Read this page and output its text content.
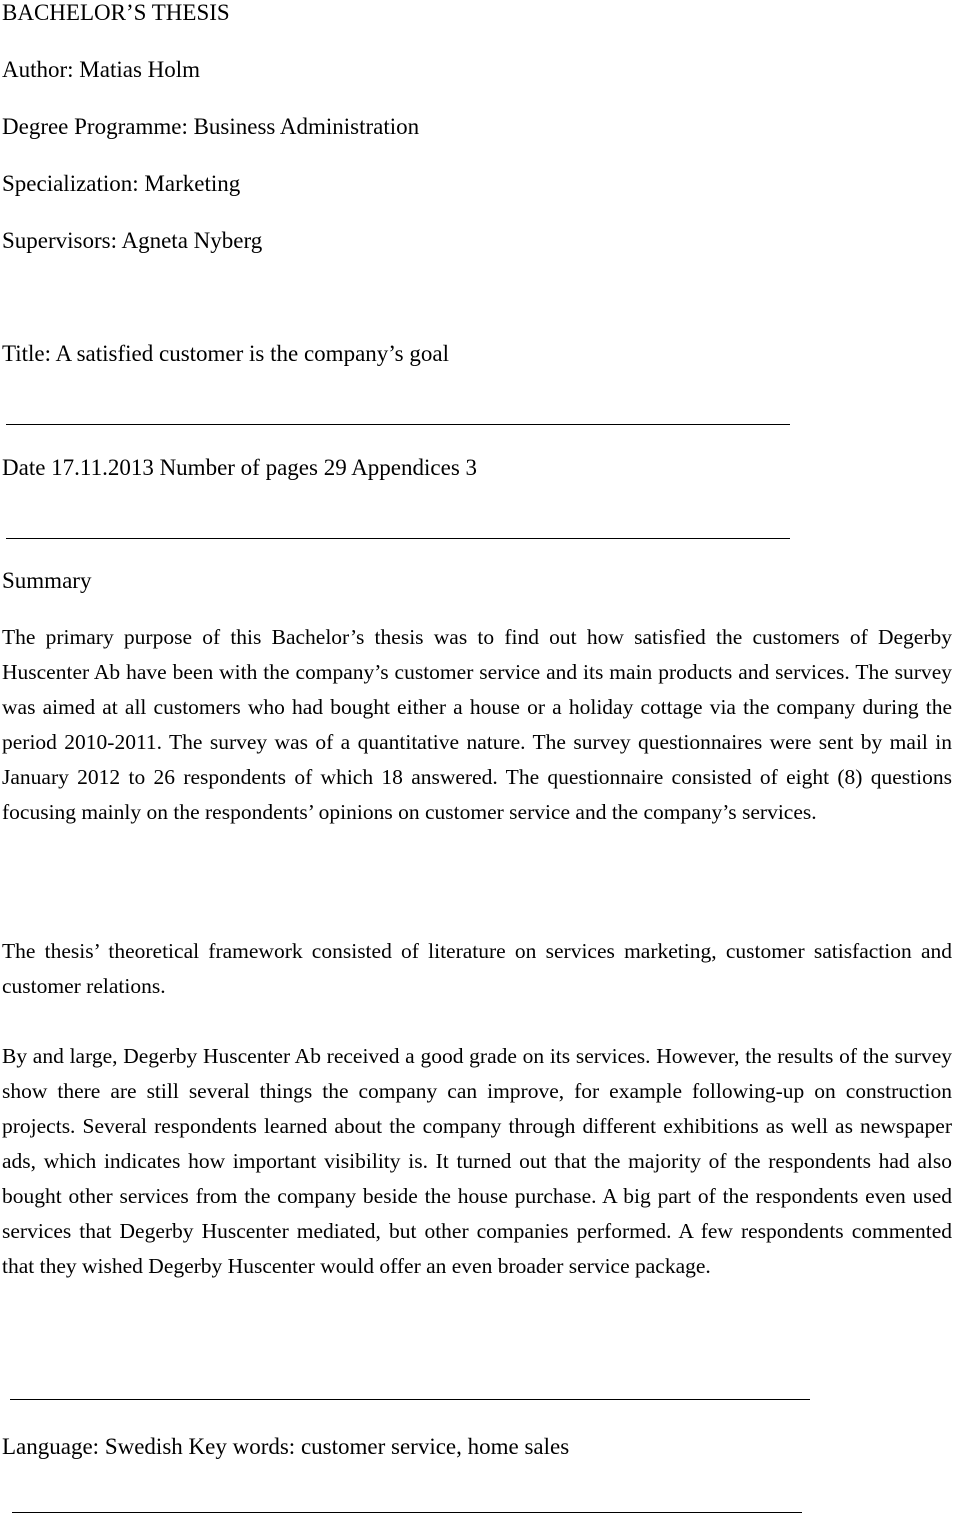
BACHELOR’S THESIS

Author: Matias Holm

Degree Programme: Business Administration

Specialization: Marketing

Supervisors: Agneta Nyberg

Title: A satisfied customer is the company’s goal

Date 17.11.2013 Number of pages 29 Appendices 3

Summary

The primary purpose of this Bachelor’s thesis was to find out how satisfied the customers of Degerby Huscenter Ab have been with the company’s customer service and its main products and services. The survey was aimed at all customers who had bought either a house or a holiday cottage via the company during the period 2010-2011. The survey was of a quantitative nature. The survey questionnaires were sent by mail in January 2012 to 26 respondents of which 18 answered. The questionnaire consisted of eight (8) questions focusing mainly on the respondents’ opinions on customer service and the company’s services.

The thesis’ theoretical framework consisted of literature on services marketing, customer satisfaction and customer relations.

By and large, Degerby Huscenter Ab received a good grade on its services. However, the results of the survey show there are still several things the company can improve, for example following-up on construction projects. Several respondents learned about the company through different exhibitions as well as newspaper ads, which indicates how important visibility is. It turned out that the majority of the respondents had also bought other services from the company beside the house purchase. A big part of the respondents even used services that Degerby Huscenter mediated, but other companies performed. A few respondents commented that they wished Degerby Huscenter would offer an even broader service package.

Language: Swedish Key words: customer service, home sales
